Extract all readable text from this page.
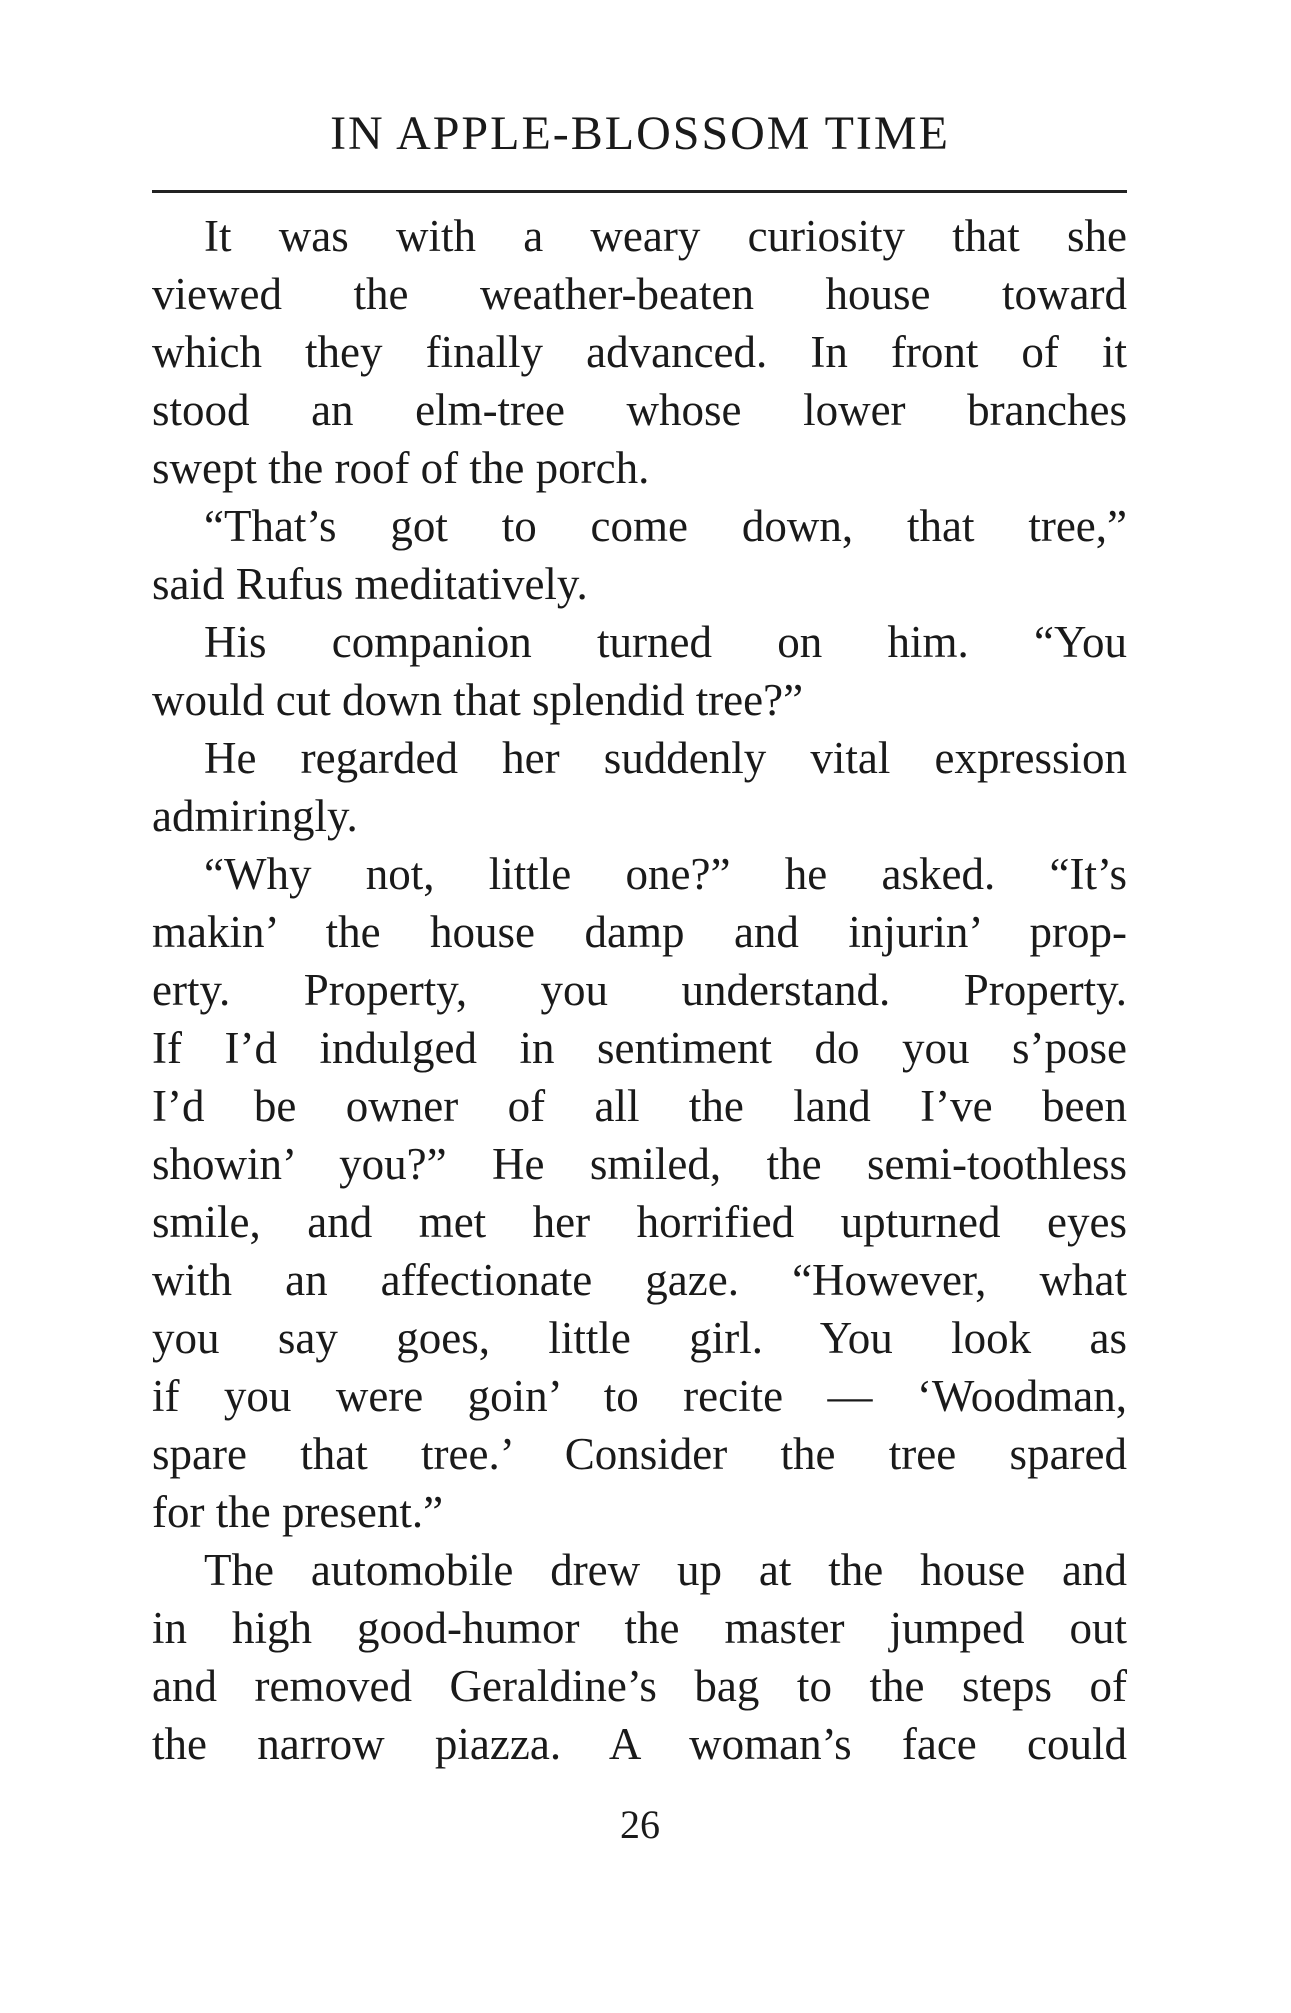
IN APPLE-BLOSSOM TIME
It was with a weary curiosity that she
viewed the weather-beaten house toward
which they finally advanced. In front of it
stood an elm-tree whose lower branches
swept the roof of the porch.
“That’s got to come down, that tree,”
said Rufus meditatively.
His companion turned on him. “You
would cut down that splendid tree?”
He regarded her suddenly vital expression
admiringly.
“Why not, little one?” he asked. “It’s
makin’ the house damp and injurin’ prop-
erty. Property, you understand. Property.
If I’d indulged in sentiment do you s’pose
I’d be owner of all the land I’ve been
showin’ you?” He smiled, the semi-toothless
smile, and met her horrified upturned eyes
with an affectionate gaze. “However, what
you say goes, little girl. You look as
if you were goin’ to recite — ‘Woodman,
spare that tree.’ Consider the tree spared
for the present.”
The automobile drew up at the house and
in high good-humor the master jumped out
and removed Geraldine’s bag to the steps of
the narrow piazza. A woman’s face could
26
